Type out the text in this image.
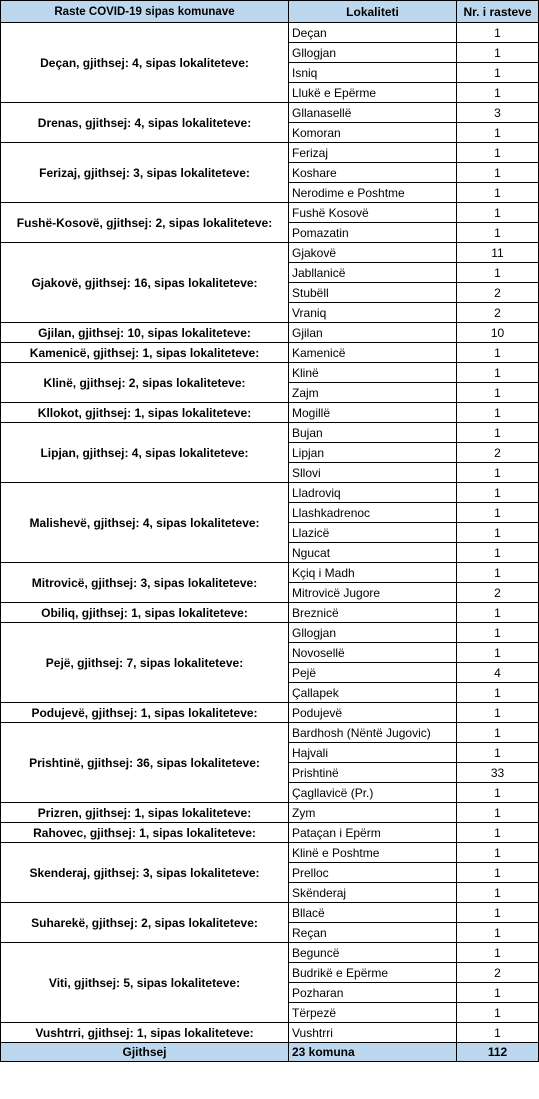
Raste COVID-19 sipas komunave	Lokaliteti	Nr. i rasteve
Deçan, gjithsej: 4, sipas lokaliteteve:	Deçan	1
	Gllogjan	1
	Isniq	1
	Llukë e Epërme	1
Drenas, gjithsej: 4, sipas lokaliteteve:	Gllanasellë	3
	Komoran	1
Ferizaj, gjithsej: 3, sipas lokaliteteve:	Ferizaj	1
	Koshare	1
	Nerodime e Poshtme	1
Fushë-Kosovë, gjithsej: 2, sipas lokaliteteve:	Fushë Kosovë	1
	Pomazatin	1
Gjakovë, gjithsej: 16, sipas lokaliteteve:	Gjakovë	11
	Jabllanicë	1
	Stubëll	2
	Vraniq	2
Gjilan, gjithsej: 10, sipas lokaliteteve:	Gjilan	10
Kamenicë, gjithsej: 1, sipas lokaliteteve:	Kamenicë	1
Klinë, gjithsej: 2, sipas lokaliteteve:	Klinë	1
	Zajm	1
Kllokot, gjithsej: 1, sipas lokaliteteve:	Mogillë	1
Lipjan, gjithsej: 4, sipas lokaliteteve:	Bujan	1
	Lipjan	2
	Sllovi	1
Malishevë, gjithsej: 4, sipas lokaliteteve:	Lladroviq	1
	Llashkadrenoc	1
	Llazicë	1
	Ngucat	1
Mitrovicë, gjithsej: 3, sipas lokaliteteve:	Kçiq i Madh	1
	Mitrovicë Jugore	2
Obiliq, gjithsej: 1, sipas lokaliteteve:	Breznicë	1
Pejë, gjithsej: 7, sipas lokaliteteve:	Gllogjan	1
	Novosellë	1
	Pejë	4
	Çallapek	1
Podujevë, gjithsej: 1, sipas lokaliteteve:	Podujevë	1
Prishtinë, gjithsej: 36, sipas lokaliteteve:	Bardhosh (Nëntë Jugovic)	1
	Hajvali	1
	Prishtinë	33
	Çagllavicë (Pr.)	1
Prizren, gjithsej: 1, sipas lokaliteteve:	Zym	1
Rahovec, gjithsej: 1, sipas lokaliteteve:	Pataçan i Epërm	1
Skenderaj, gjithsej: 3, sipas lokaliteteve:	Klinë e Poshtme	1
	Prelloc	1
	Skënderaj	1
Suharekë, gjithsej: 2, sipas lokaliteteve:	Bllacë	1
	Reçan	1
Viti, gjithsej: 5, sipas lokaliteteve:	Beguncë	1
	Budrikë e Epërme	2
	Pozharan	1
	Tërpezë	1
Vushtrri, gjithsej: 1, sipas lokaliteteve:	Vushtrri	1
Gjithsej	23 komuna	112
